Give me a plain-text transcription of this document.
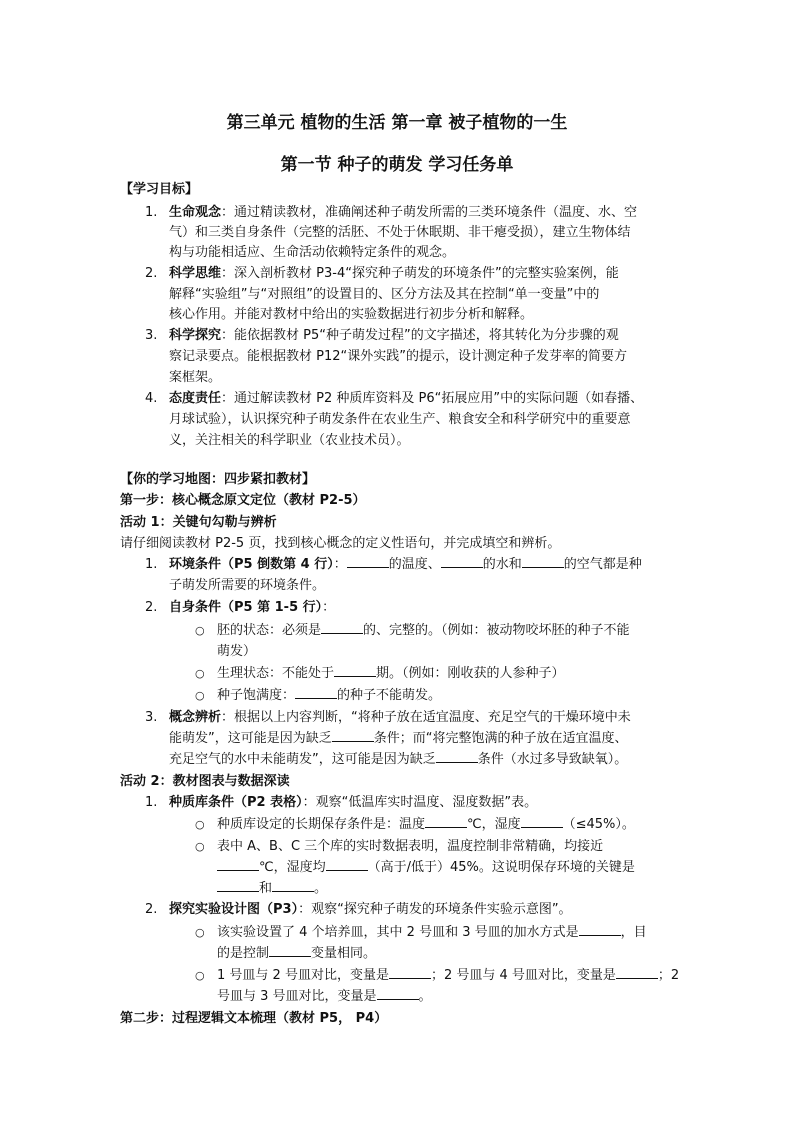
第三单元 植物的生活 第一章 被子植物的一生
第一节 种子的萌发 学习任务单
【学习目标】
1. 生命观念：通过精读教材，准确阐述种子萌发所需的三类环境条件（温度、水、空
气）和三类自身条件（完整的活胚、不处于休眠期、非干瘪受损），建立生物体结
构与功能相适应、生命活动依赖特定条件的观念。
2. 科学思维：深入剖析教材 P3-4“探究种子萌发的环境条件”的完整实验案例，能
解释“实验组”与“对照组”的设置目的、区分方法及其在控制“单一变量”中的
核心作用。并能对教材中给出的实验数据进行初步分析和解释。
3. 科学探究：能依据教材 P5“种子萌发过程”的文字描述，将其转化为分步骤的观
察记录要点。能根据教材 P12“课外实践”的提示，设计测定种子发芽率的简要方
案框架。
4. 态度责任：通过解读教材 P2 种质库资料及 P6“拓展应用”中的实际问题（如春播、
月球试验），认识探究种子萌发条件在农业生产、粮食安全和科学研究中的重要意
义，关注相关的科学职业（农业技术员）。
【你的学习地图：四步紧扣教材】
第一步：核心概念原文定位（教材 P2-5）
活动 1：关键句勾勒与辨析
请仔细阅读教材 P2-5 页，找到核心概念的定义性语句，并完成填空和辨析。
1. 环境条件（P5 倒数第 4 行）：	的温度、	的水和	的空气都是种
子萌发所需要的环境条件。
2. 自身条件（P5 第 1-5 行）：
○ 胚的状态：必须是	的、完整的。（例如：被动物咬坏胚的种子不能
萌发）
○ 生理状态：不能处于	期。（例如：刚收获的人参种子）
○ 种子饱满度：	的种子不能萌发。
3. 概念辨析：根据以上内容判断，“将种子放在适宜温度、充足空气的干燥环境中未
能萌发”，这可能是因为缺乏	条件；而“将完整饱满的种子放在适宜温度、
充足空气的水中未能萌发”，这可能是因为缺乏	条件（水过多导致缺氧）。
活动 2：教材图表与数据深读
1. 种质库条件（P2 表格）：观察“低温库实时温度、湿度数据”表。
○ 种质库设定的长期保存条件是：温度	℃，湿度	（≤45%）。
○ 表中 A、B、C 三个库的实时数据表明，温度控制非常精确，均接近
℃，湿度均	（高于/低于）45%。这说明保存环境的关键是
和	。
2. 探究实验设计图（P3）：观察“探究种子萌发的环境条件实验示意图”。
○ 该实验设置了 4 个培养皿，其中 2 号皿和 3 号皿的加水方式是	，目
的是控制	变量相同。
○ 1 号皿与 2 号皿对比，变量是	；2 号皿与 4 号皿对比，变量是	；2
号皿与 3 号皿对比，变量是	。
第二步：过程逻辑文本梳理（教材 P5， P4）
